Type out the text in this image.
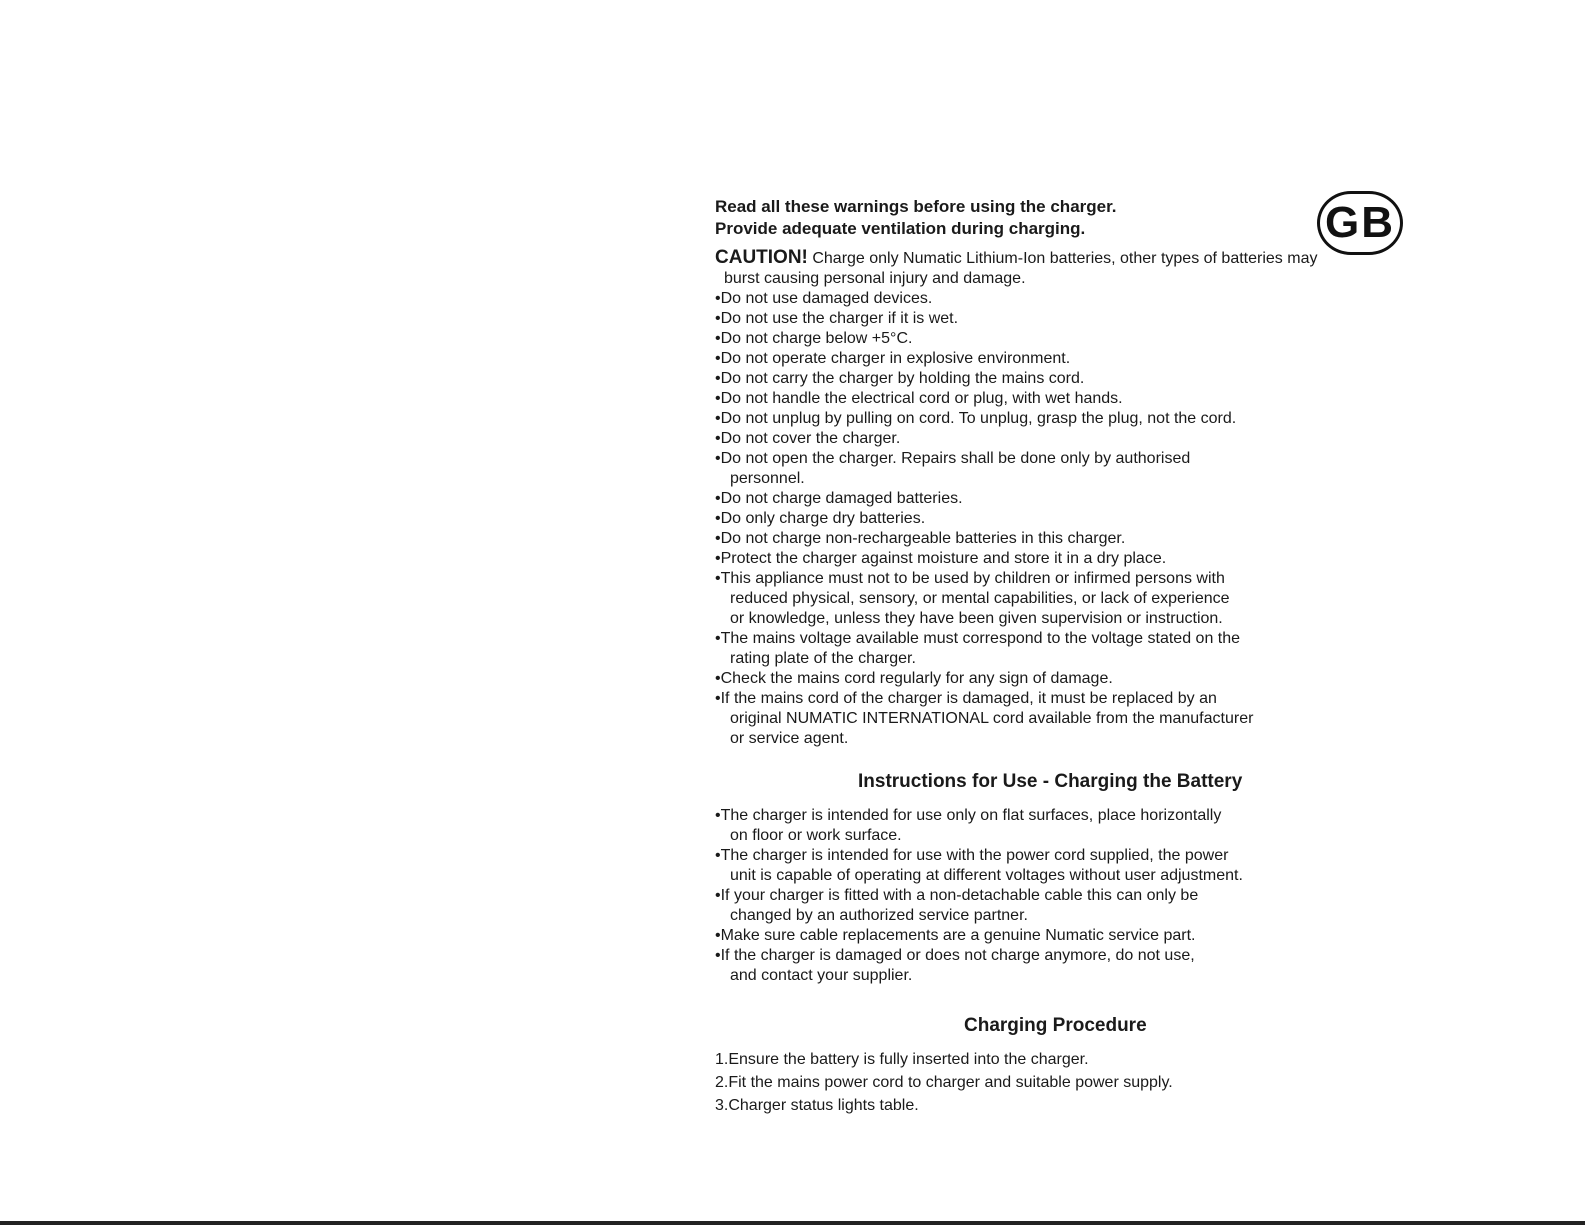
GB
Read all these warnings before using the charger.
Provide adequate ventilation during charging.
CAUTION! Charge only Numatic Lithium-Ion batteries, other types of batteries may
burst causing personal injury and damage.
•Do not use damaged devices.
•Do not use the charger if it is wet.
•Do not charge below +5°C.
•Do not operate charger in explosive environment.
•Do not carry the charger by holding the mains cord.
•Do not handle the electrical cord or plug, with wet hands.
•Do not unplug by pulling on cord. To unplug, grasp the plug, not the cord.
•Do not cover the charger.
•Do not open the charger. Repairs shall be done only by authorised
personnel.
•Do not charge damaged batteries.
•Do only charge dry batteries.
•Do not charge non-rechargeable batteries in this charger.
•Protect the charger against moisture and store it in a dry place.
•This appliance must not to be used by children or infirmed persons with
reduced physical, sensory, or mental capabilities, or lack of experience
or knowledge, unless they have been given supervision or instruction.
•The mains voltage available must correspond to the voltage stated on the
rating plate of the charger.
•Check the mains cord regularly for any sign of damage.
•If the mains cord of the charger is damaged, it must be replaced by an
original NUMATIC INTERNATIONAL cord available from the manufacturer
or service agent.
Instructions for Use - Charging the Battery
•The charger is intended for use only on flat surfaces, place horizontally
on floor or work surface.
•The charger is intended for use with the power cord supplied, the power
unit is capable of operating at different voltages without user adjustment.
•If your charger is fitted with a non-detachable cable this can only be
changed by an authorized service partner.
•Make sure cable replacements are a genuine Numatic service part.
•If the charger is damaged or does not charge anymore, do not use,
and contact your supplier.
Charging Procedure
1.Ensure the battery is fully inserted into the charger.
2.Fit the mains power cord to charger and suitable power supply.
3.Charger status lights table.
